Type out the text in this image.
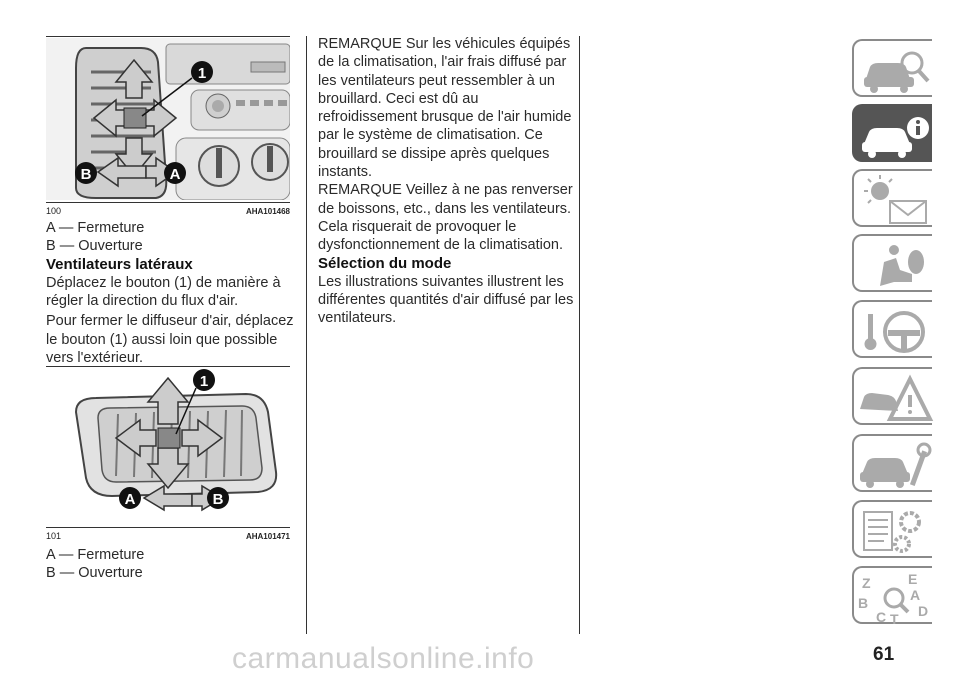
1
B	A
100	AHA101468
A — Fermeture
B — Ouverture
Ventilateurs latéraux
Déplacez le bouton (1) de manière à régler la direction du flux d'air.
Pour fermer le diffuseur d'air, déplacez le bouton (1) aussi loin que possible vers l'extérieur.
1
A	B
101	AHA101471
A — Fermeture
B — Ouverture
REMARQUE Sur les véhicules équipés de la climatisation, l'air frais diffusé par les ventilateurs peut ressembler à un brouillard. Ceci est dû au refroidissement brusque de l'air humide par le système de climatisation. Ce brouillard se dissipe après quelques instants.
REMARQUE Veillez à ne pas renverser de boissons, etc., dans les ventilateurs. Cela risquerait de provoquer le dysfonctionnement de la climatisation.
Sélection du mode
Les illustrations suivantes illustrent les différentes quantités d'air diffusé par les ventilateurs.
Z	E
A
B
C T D
61
carmanualsonline.info
